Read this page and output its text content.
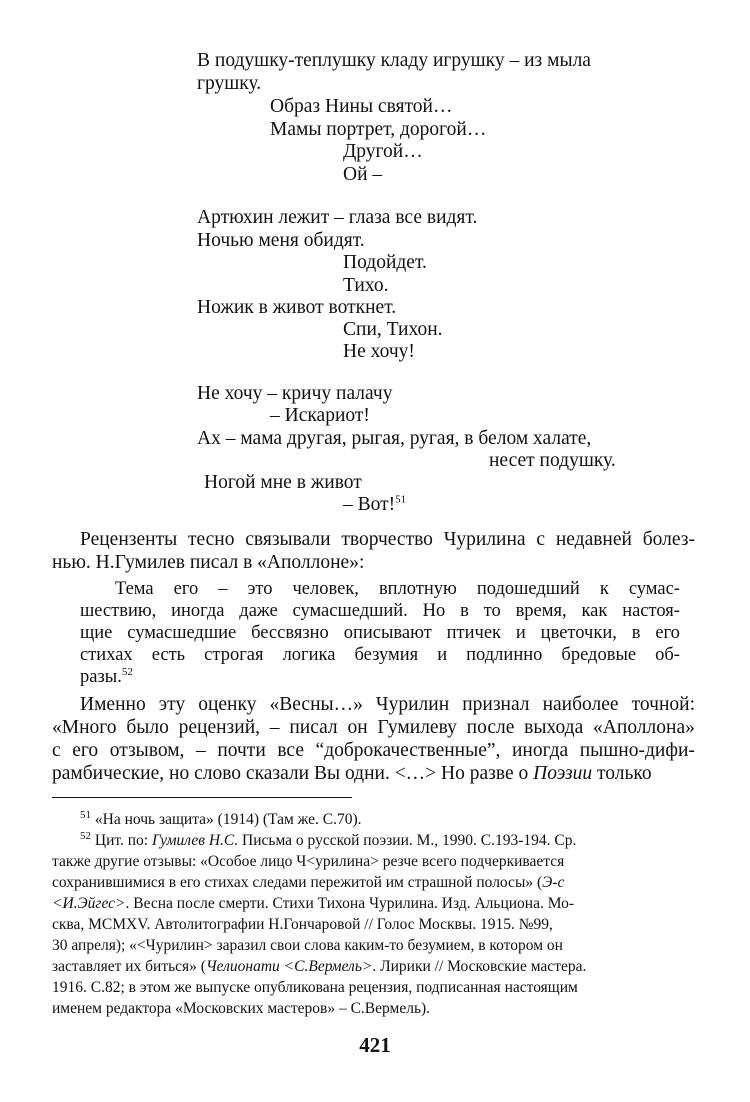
В подушку-теплушку кладу игрушку – из мыла
грушку.
Образ Нины святой…
Мамы портрет, дорогой…
Другой…
Ой –
Артюхин лежит – глаза все видят.
Ночью меня обидят.
Подойдет.
Тихо.
Ножик в живот воткнет.
Спи, Тихон.
Не хочу!
Не хочу – кричу палачу
– Искариот!
Ах – мама другая, рыгая, ругая, в белом халате,
несет подушку.
Ногой мне в живот
– Вот!$^{51}$
Рецензенты тесно связывали творчество Чурилина с недавней болез-
нью. Н.Гумилев писал в «Аполлоне»:
Тема его – это человек, вплотную подошедший к сумас-
шествию, иногда даже сумасшедший. Но в то время, как настоя-
щие сумасшедшие бессвязно описывают птичек и цветочки, в его
стихах есть строгая логика безумия и подлинно бредовые об-
разы.$^{52}$
Именно эту оценку «Весны…» Чурилин признал наиболее точной:
«Много было рецензий, – писал он Гумилеву после выхода «Аполлона»
с его отзывом, – почти все “доброкачественные”, иногда пышно-дифи-
рамбические, но слово сказали Вы одни. <…> Но разве о Поэзии только
$^{51}$ «На ночь защита» (1914) (Там же. С.70).
$^{52}$ Цит. по: Гумилев Н.С. Письма о русской поэзии. М., 1990. С.193-194. Ср.
также другие отзывы: «Особое лицо Ч<урилина> резче всего подчеркивается
сохранившимися в его стихах следами пережитой им страшной полосы» (Э-с
<И.Эйгес>. Весна после смерти. Стихи Тихона Чурилина. Изд. Альциона. Мо-
сква, MCMXV. Автолитографии Н.Гончаровой // Голос Москвы. 1915. №99,
30 апреля); «<Чурилин> заразил свои слова каким-то безумием, в котором он
заставляет их биться» (Челионати <С.Вермель>. Лирики // Московские мастера.
1916. С.82; в этом же выпуске опубликована рецензия, подписанная настоящим
именем редактора «Московских мастеров» – С.Вермель).
421
